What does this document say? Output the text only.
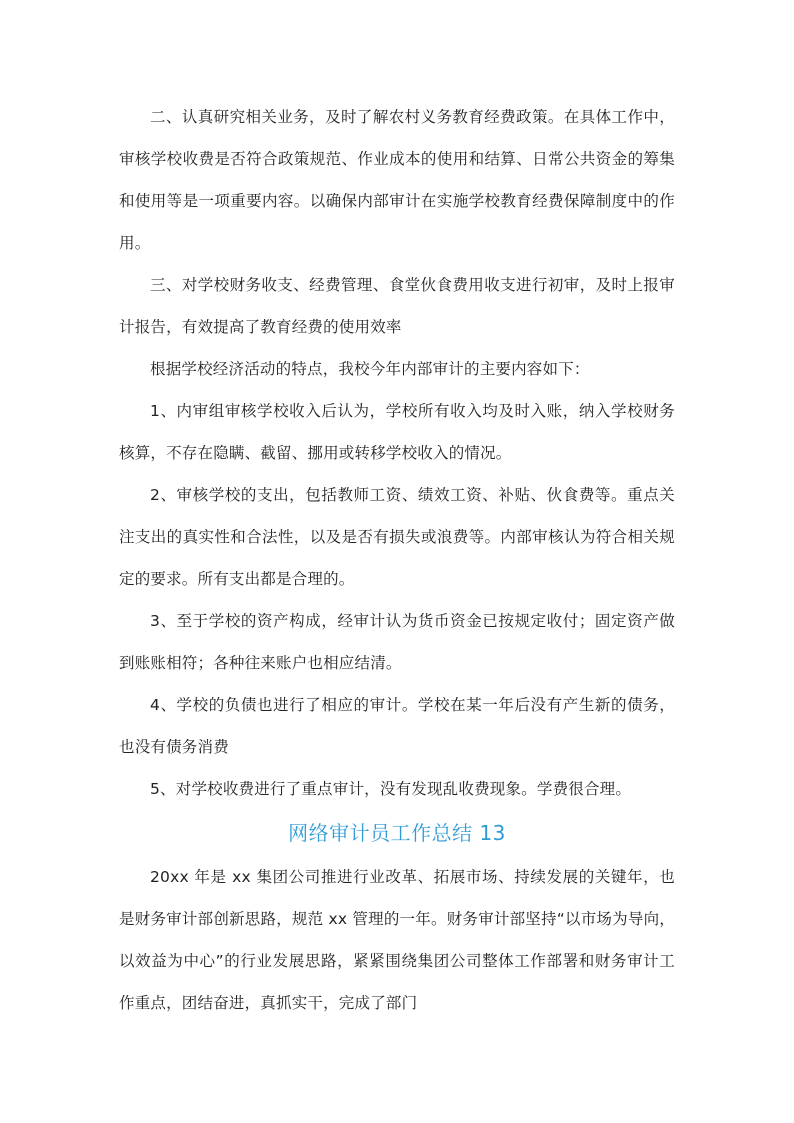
二、认真研究相关业务，及时了解农村义务教育经费政策。在具体工作中，审核学校收费是否符合政策规范、作业成本的使用和结算、日常公共资金的筹集和使用等是一项重要内容。以确保内部审计在实施学校教育经费保障制度中的作用。

三、对学校财务收支、经费管理、食堂伙食费用收支进行初审，及时上报审计报告，有效提高了教育经费的使用效率

根据学校经济活动的特点，我校今年内部审计的主要内容如下：

1、内审组审核学校收入后认为，学校所有收入均及时入账，纳入学校财务核算，不存在隐瞒、截留、挪用或转移学校收入的情况。

2、审核学校的支出，包括教师工资、绩效工资、补贴、伙食费等。重点关注支出的真实性和合法性，以及是否有损失或浪费等。内部审核认为符合相关规定的要求。所有支出都是合理的。

3、至于学校的资产构成，经审计认为货币资金已按规定收付；固定资产做到账账相符；各种往来账户也相应结清。

4、学校的负债也进行了相应的审计。学校在某一年后没有产生新的债务，也没有债务消费

5、对学校收费进行了重点审计，没有发现乱收费现象。学费很合理。

网络审计员工作总结 13

20xx 年是 xx 集团公司推进行业改革、拓展市场、持续发展的关键年，也是财务审计部创新思路，规范 xx 管理的一年。财务审计部坚持“以市场为导向，以效益为中心”的行业发展思路，紧紧围绕集团公司整体工作部署和财务审计工作重点，团结奋进，真抓实干，完成了部门
